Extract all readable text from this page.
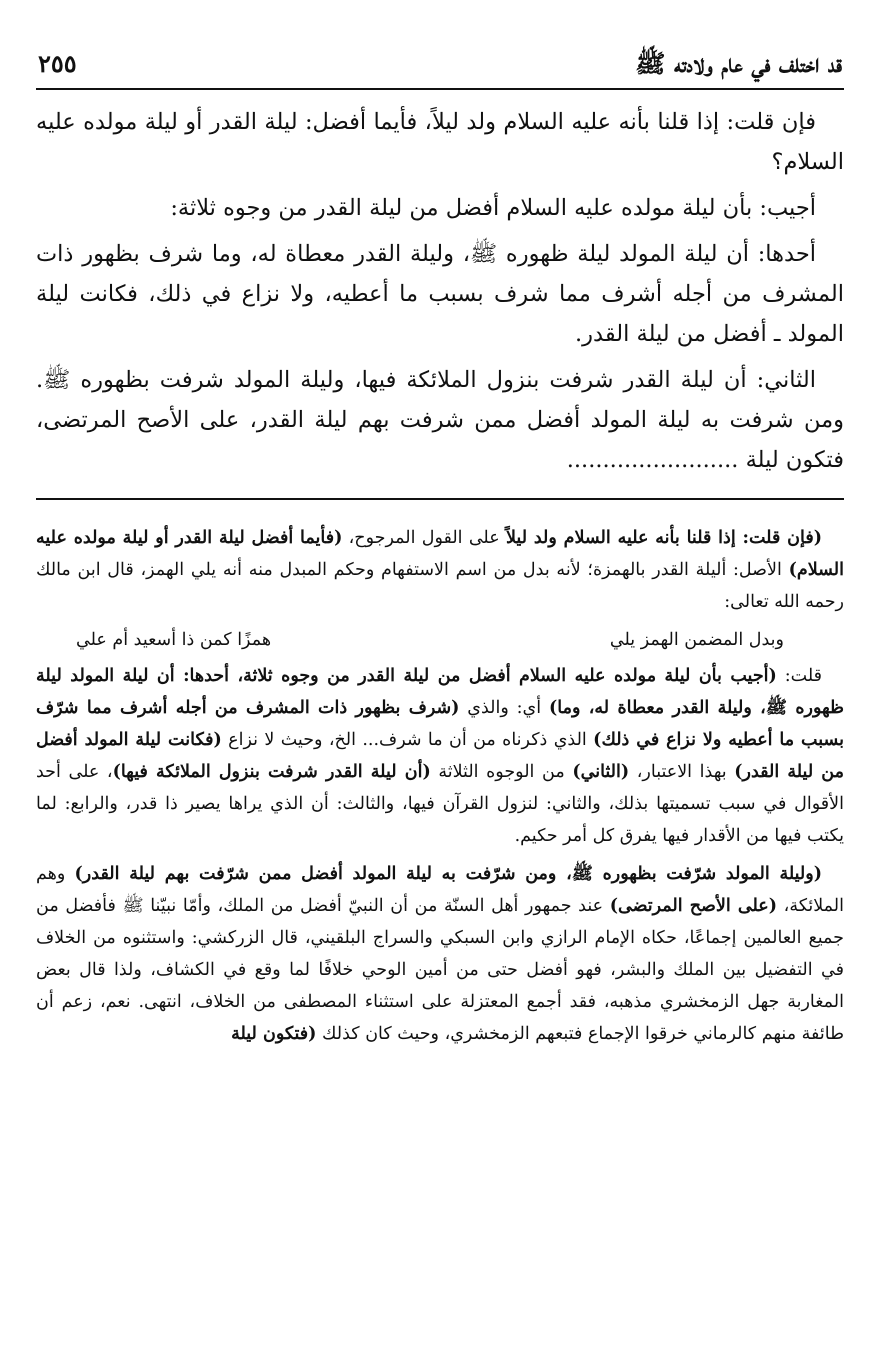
قد اختلف في عام ولادته ﷺ
٢٥٥

فإن قلت: إذا قلنا بأنه عليه السلام ولد ليلاً، فأيما أفضل: ليلة القدر أو ليلة مولده عليه السلام؟

أجيب: بأن ليلة مولده عليه السلام أفضل من ليلة القدر من وجوه ثلاثة:

أحدها: أن ليلة المولد ليلة ظهوره ﷺ، وليلة القدر معطاة له، وما شرف بظهور ذات المشرف من أجله أشرف مما شرف بسبب ما أعطيه، ولا نزاع في ذلك، فكانت ليلة المولد ـ أفضل من ليلة القدر.

الثاني: أن ليلة القدر شرفت بنزول الملائكة فيها، وليلة المولد شرفت بظهوره ﷺ. ومن شرفت به ليلة المولد أفضل ممن شرفت بهم ليلة القدر، على الأصح المرتضى، فتكون ليلة ........................

(فإن قلت: إذا قلنا بأنه عليه السلام ولد ليلاً على القول المرجوح، (فأيما أفضل ليلة القدر أو ليلة مولده عليه السلام) الأصل: أليلة القدر بالهمزة؛ لأنه بدل من اسم الاستفهام وحكم المبدل منه أنه يلي الهمز، قال ابن مالك رحمه الله تعالى:

وبدل المضمن الهمز يلي
همزًا كمن ذا أسعيد أم علي

قلت: (أجيب بأن ليلة مولده عليه السلام أفضل من ليلة القدر من وجوه ثلاثة، أحدها: أن ليلة المولد ليلة ظهوره ﷺ، وليلة القدر معطاة له، وما) أي: والذي (شرف بظهور ذات المشرف من أجله أشرف مما شرّف بسبب ما أعطيه ولا نزاع في ذلك) الذي ذكرناه من أن ما شرف... الخ، وحيث لا نزاع (فكانت ليلة المولد أفضل من ليلة القدر) بهذا الاعتبار، (الثاني) من الوجوه الثلاثة (أن ليلة القدر شرفت بنزول الملائكة فيها)، على أحد الأقوال في سبب تسميتها بذلك، والثاني: لنزول القرآن فيها، والثالث: أن الذي يراها يصير ذا قدر، والرابع: لما يكتب فيها من الأقدار فيها يفرق كل أمر حكيم.

(وليلة المولد شرّفت بظهوره ﷺ، ومن شرّفت به ليلة المولد أفضل ممن شرّفت بهم ليلة القدر) وهم الملائكة، (على الأصح المرتضى) عند جمهور أهل السنّة من أن النبيّ أفضل من الملك، وأمّا نبيّنا ﷺ فأفضل من جميع العالمين إجماعًا، حكاه الإمام الرازي وابن السبكي والسراج البلقيني، قال الزركشي: واستثنوه من الخلاف في التفضيل بين الملك والبشر، فهو أفضل حتى من أمين الوحي خلافًا لما وقع في الكشاف، ولذا قال بعض المغاربة جهل الزمخشري مذهبه، فقد أجمع المعتزلة على استثناء المصطفى من الخلاف، انتهى. نعم، زعم أن طائفة منهم كالرماني خرقوا الإجماع فتبعهم الزمخشري، وحيث كان كذلك (فتكون ليلة
